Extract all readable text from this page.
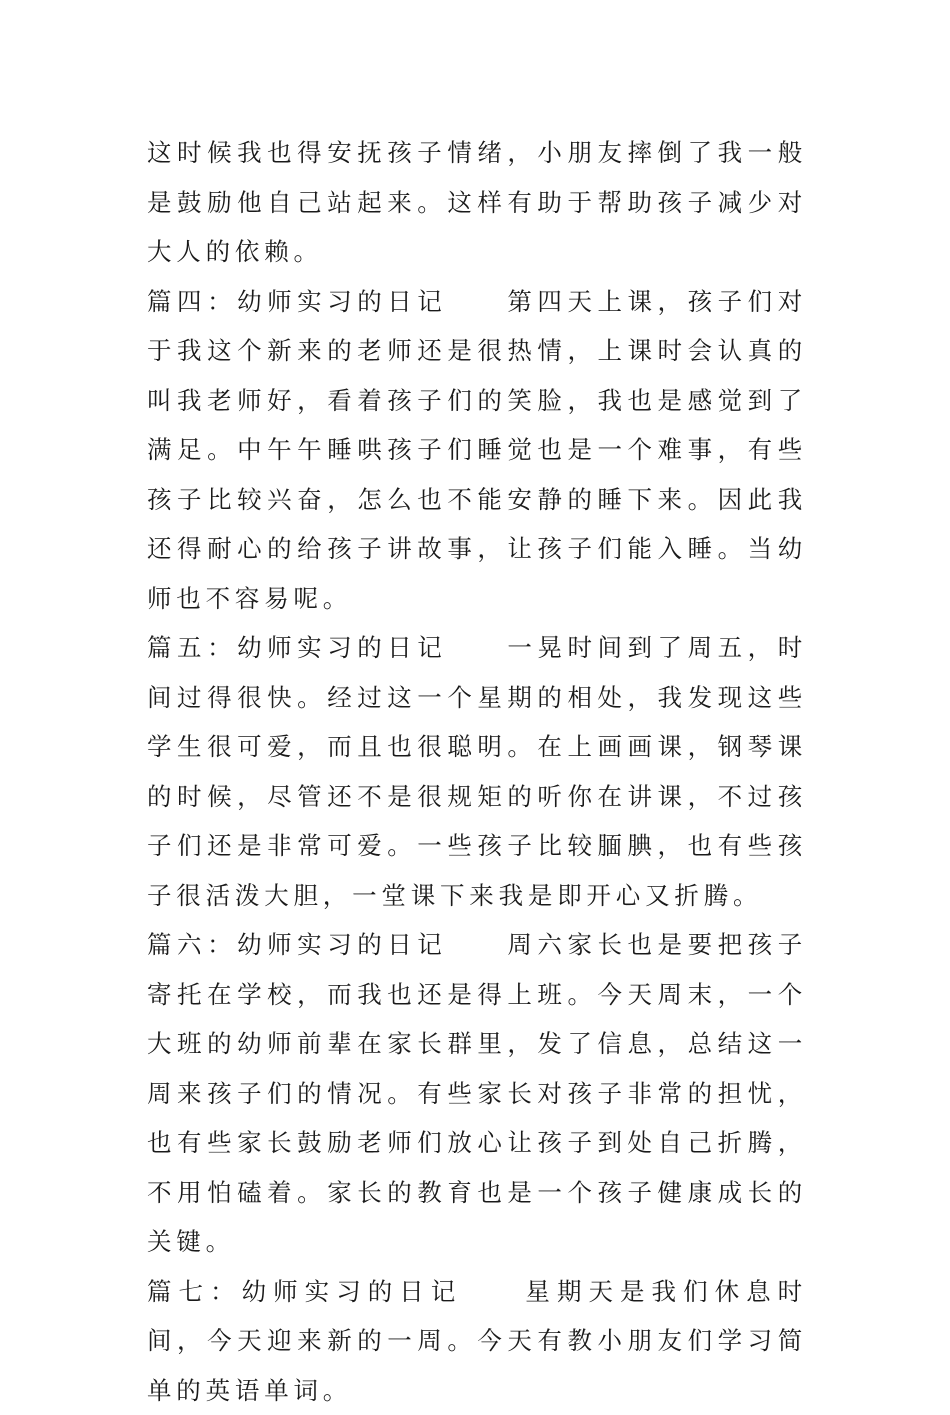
这时候我也得安抚孩子情绪，小朋友摔倒了我一般是鼓励他自己站起来。这样有助于帮助孩子减少对大人的依赖。

篇四：幼师实习的日记　　第四天上课，孩子们对于我这个新来的老师还是很热情，上课时会认真的叫我老师好，看着孩子们的笑脸，我也是感觉到了满足。中午午睡哄孩子们睡觉也是一个难事，有些孩子比较兴奋，怎么也不能安静的睡下来。因此我还得耐心的给孩子讲故事，让孩子们能入睡。当幼师也不容易呢。

篇五：幼师实习的日记　　一晃时间到了周五，时间过得很快。经过这一个星期的相处，我发现这些学生很可爱，而且也很聪明。在上画画课，钢琴课的时候，尽管还不是很规矩的听你在讲课，不过孩子们还是非常可爱。一些孩子比较腼腆，也有些孩子很活泼大胆，一堂课下来我是即开心又折腾。

篇六：幼师实习的日记　　周六家长也是要把孩子寄托在学校，而我也还是得上班。今天周末，一个大班的幼师前辈在家长群里，发了信息，总结这一周来孩子们的情况。有些家长对孩子非常的担忧，也有些家长鼓励老师们放心让孩子到处自己折腾，不用怕磕着。家长的教育也是一个孩子健康成长的关键。

篇七：幼师实习的日记　　星期天是我们休息时间，今天迎来新的一周。今天有教小朋友们学习简单的英语单词。
